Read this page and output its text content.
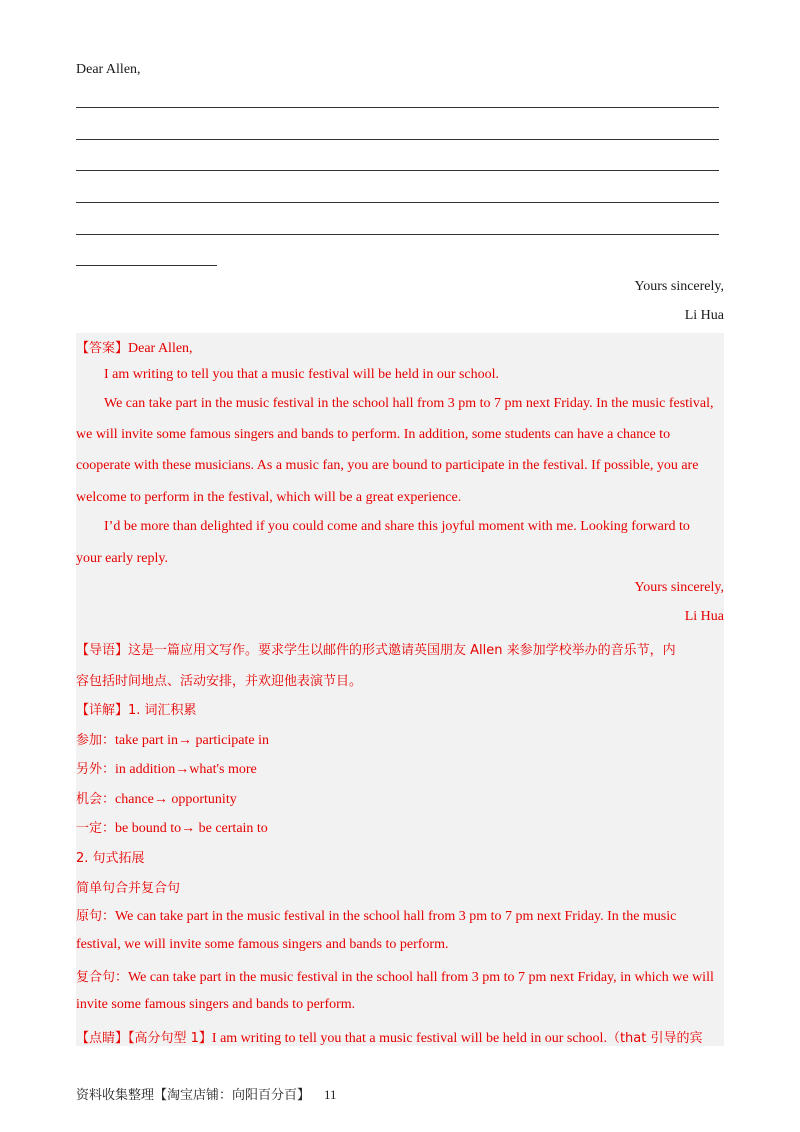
Dear Allen,
Yours sincerely,
Li Hua
【答案】Dear Allen,
I am writing to tell you that a music festival will be held in our school.
We can take part in the music festival in the school hall from 3 pm to 7 pm next Friday. In the music festival,
we will invite some famous singers and bands to perform. In addition, some students can have a chance to
cooperate with these musicians. As a music fan, you are bound to participate in the festival. If possible, you are
welcome to perform in the festival, which will be a great experience.
I’d be more than delighted if you could come and share this joyful moment with me. Looking forward to
your early reply.
Yours sincerely,
Li Hua
【导语】这是一篇应用文写作。要求学生以邮件的形式邀请英国朋友 Allen 来参加学校举办的音乐节，内
容包括时间地点、活动安排，并欢迎他表演节目。
【详解】1. 词汇积累
参加：take part in→ participate in
另外：in addition→what's more
机会：chance→ opportunity
一定：be bound to→ be certain to
2. 句式拓展
简单句合并复合句
原句：We can take part in the music festival in the school hall from 3 pm to 7 pm next Friday. In the music
festival, we will invite some famous singers and bands to perform.
复合句：We can take part in the music festival in the school hall from 3 pm to 7 pm next Friday, in which we will
invite some famous singers and bands to perform.
【点睛】【高分句型 1】I am writing to tell you that a music festival will be held in our school.（that 引导的宾
资料收集整理【淘宝店铺：向阳百分百】 11
